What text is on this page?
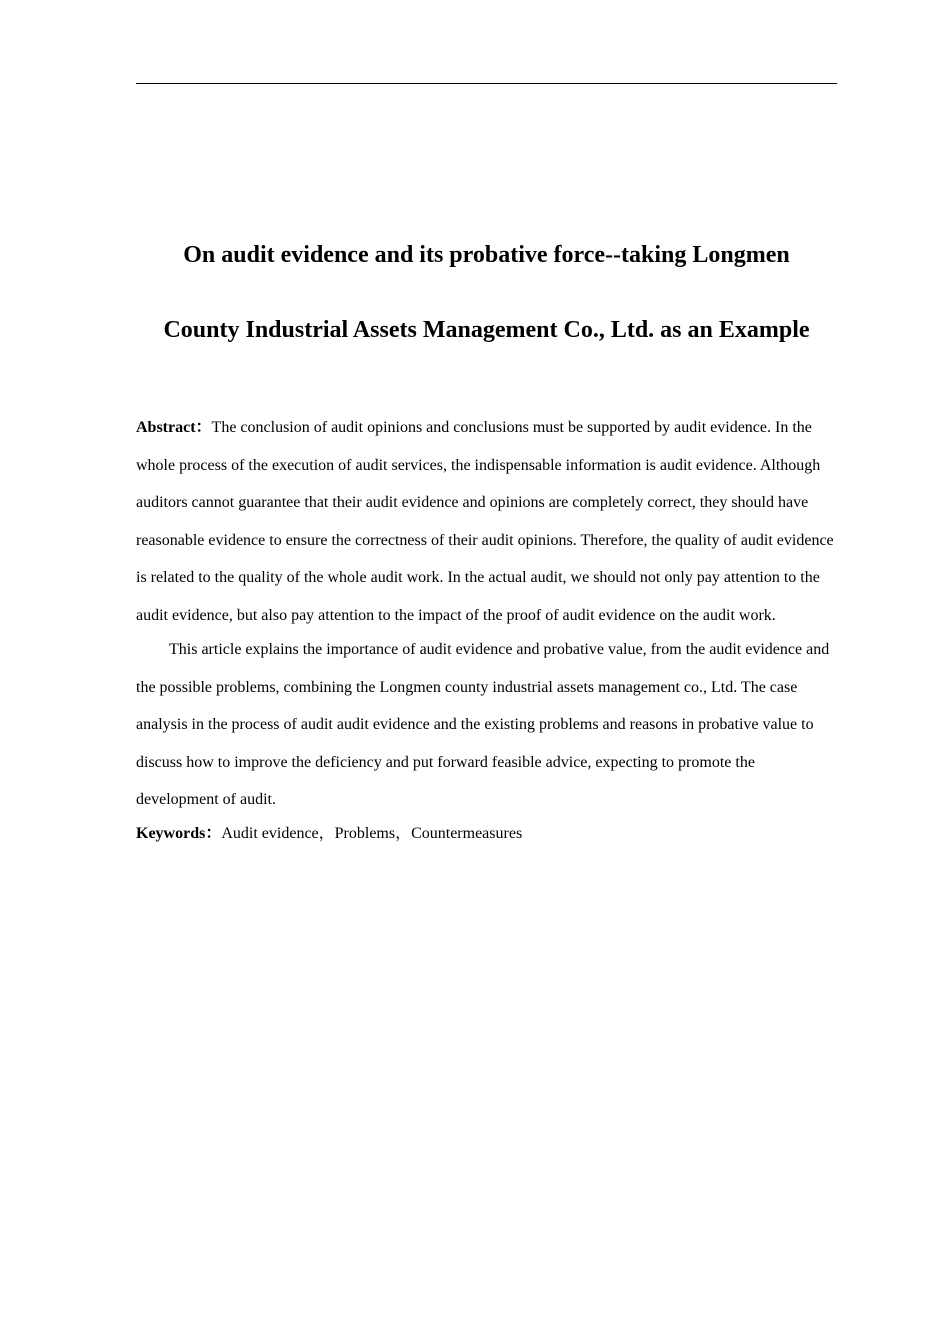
On audit evidence and its probative force--taking Longmen
County Industrial Assets Management Co., Ltd. as an Example

Abstract：The conclusion of audit opinions and conclusions must be supported by audit evidence. In the whole process of the execution of audit services, the indispensable information is audit evidence. Although auditors cannot guarantee that their audit evidence and opinions are completely correct, they should have reasonable evidence to ensure the correctness of their audit opinions. Therefore, the quality of audit evidence is related to the quality of the whole audit work. In the actual audit, we should not only pay attention to the audit evidence, but also pay attention to the impact of the proof of audit evidence on the audit work.

This article explains the importance of audit evidence and probative value, from the audit evidence and the possible problems, combining the Longmen county industrial assets management co., Ltd. The case analysis in the process of audit audit evidence and the existing problems and reasons in probative value to discuss how to improve the deficiency and put forward feasible advice, expecting to promote the development of audit.

Keywords：Audit evidence，Problems，Countermeasures
